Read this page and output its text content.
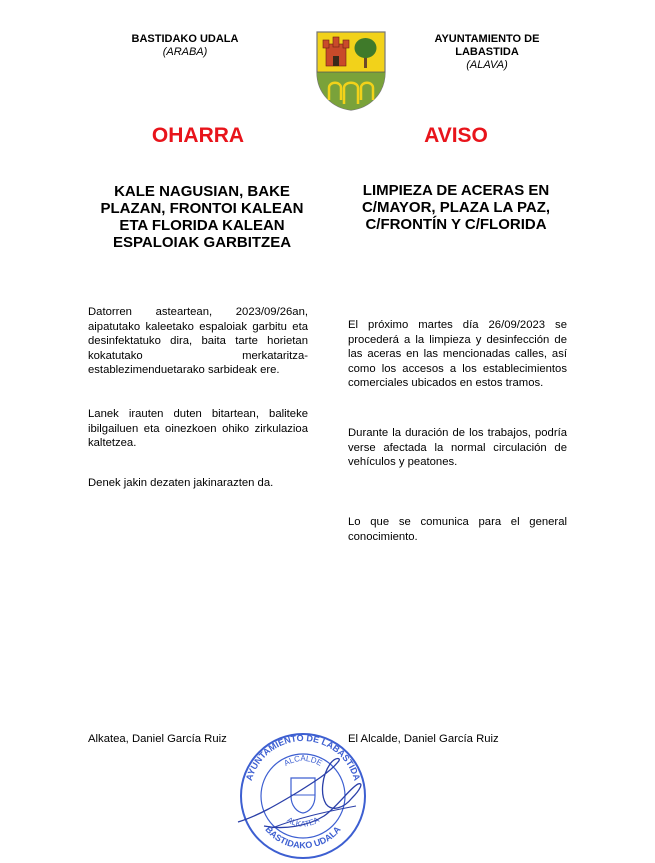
BASTIDAKO UDALA
(ARABA)
AYUNTAMIENTO DE
LABASTIDA
(ALAVA)
OHARRA	AVISO
KALE NAGUSIAN, BAKE
PLAZAN, FRONTOI KALEAN
ETA FLORIDA KALEAN
ESPALOIAK GARBITZEA
LIMPIEZA DE ACERAS EN
C/MAYOR, PLAZA LA PAZ,
C/FRONTÍN Y C/FLORIDA
Datorren asteartean, 2023/09/26an, aipatutako kaleetako espaloiak garbitu eta desinfektatuko dira, baita tarte horietan kokatutako merkataritza-establezimenduetarako sarbideak ere.
Lanek irauten duten bitartean, baliteke ibilgailuen eta oinezkoen ohiko zirkulazioa kaltetzea.
Denek jakin dezaten jakinarazten da.
El próximo martes día 26/09/2023 se procederá a la limpieza y desinfección de las aceras en las mencionadas calles, así como los accesos a los establecimientos comerciales ubicados en estos tramos.
Durante la duración de los trabajos, podría verse afectada la normal circulación de vehículos y peatones.
Lo que se comunica para el general conocimiento.
Alkatea, Daniel García Ruiz	El Alcalde, Daniel García Ruiz
AYUNTAMIENTO DE LABASTIDA
BASTIDAKO UDALA
ALCALDE
ALKATEA
